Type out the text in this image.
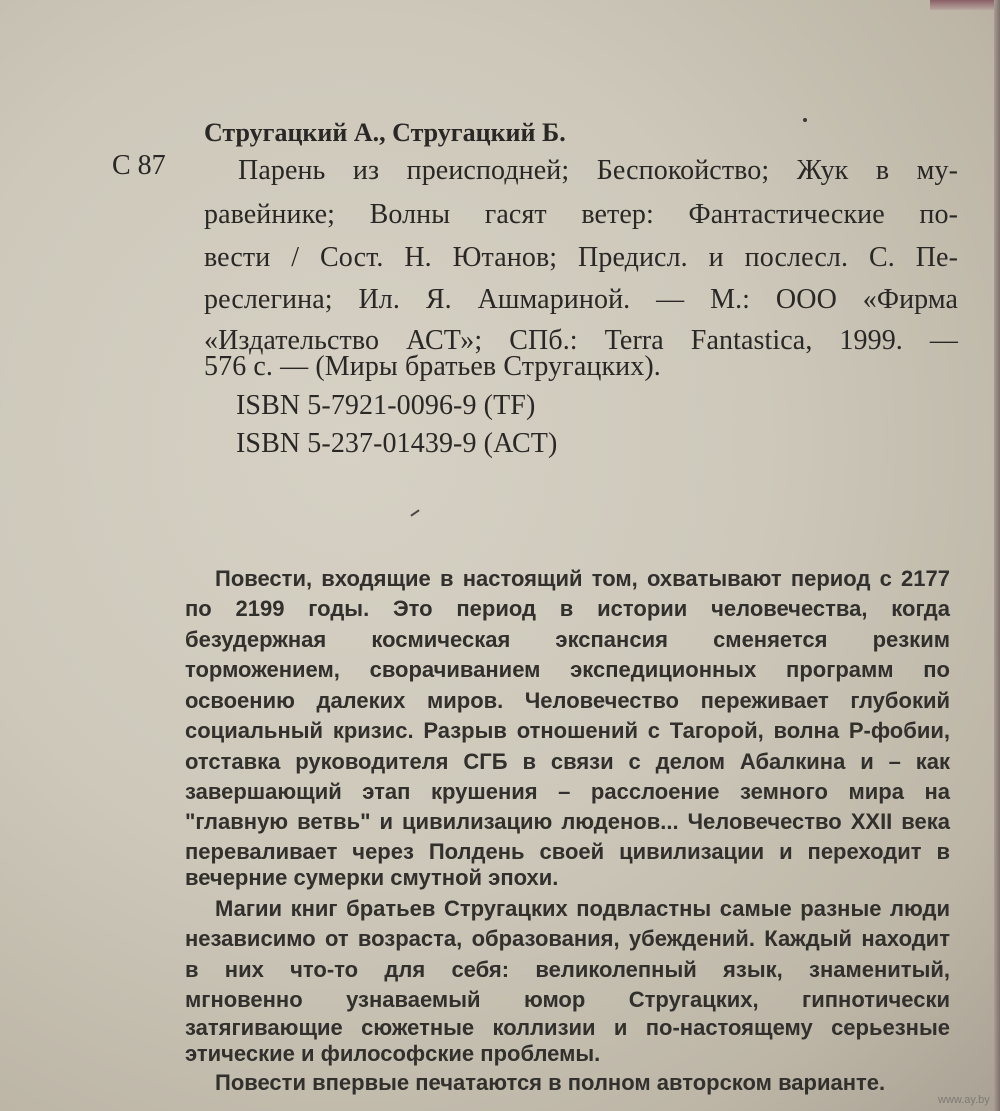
Стругацкий А., Стругацкий Б.

С 87	Парень из преисподней; Беспокойство; Жук в му-

равейнике; Волны гасят ветер: Фантастические по-

вести / Сост. Н. Ютанов; Предисл. и послесл. С. Пе-

реслегина; Ил. Я. Ашмариной. — М.: ООО «Фирма

«Издательство АСТ»; СПб.: Terra Fantastica, 1999. —

576 с. — (Миры братьев Стругацких).

ISBN 5-7921-0096-9 (TF)

ISBN 5-237-01439-9 (АСТ)

Повести, входящие в настоящий том, охватывают период с 2177

по 2199 годы. Это период в истории человечества, когда

безудержная космическая экспансия сменяется резким

торможением, сворачиванием экспедиционных программ по

освоению далеких миров. Человечество переживает глубокий

социальный кризис. Разрыв отношений с Тагорой, волна Р-фобии,

отставка руководителя СГБ в связи с делом Абалкина и – как

завершающий этап крушения – расслоение земного мира на

"главную ветвь" и цивилизацию люденов... Человечество XXII века

переваливает через Полдень своей цивилизации и переходит в

вечерние сумерки смутной эпохи.

Магии книг братьев Стругацких подвластны самые разные люди

независимо от возраста, образования, убеждений. Каждый находит

в них что-то для себя: великолепный язык, знаменитый,

мгновенно узнаваемый юмор Стругацких, гипнотически

затягивающие сюжетные коллизии и по-настоящему серьезные

этические и философские проблемы.

Повести впервые печатаются в полном авторском варианте.

www.ay.by
